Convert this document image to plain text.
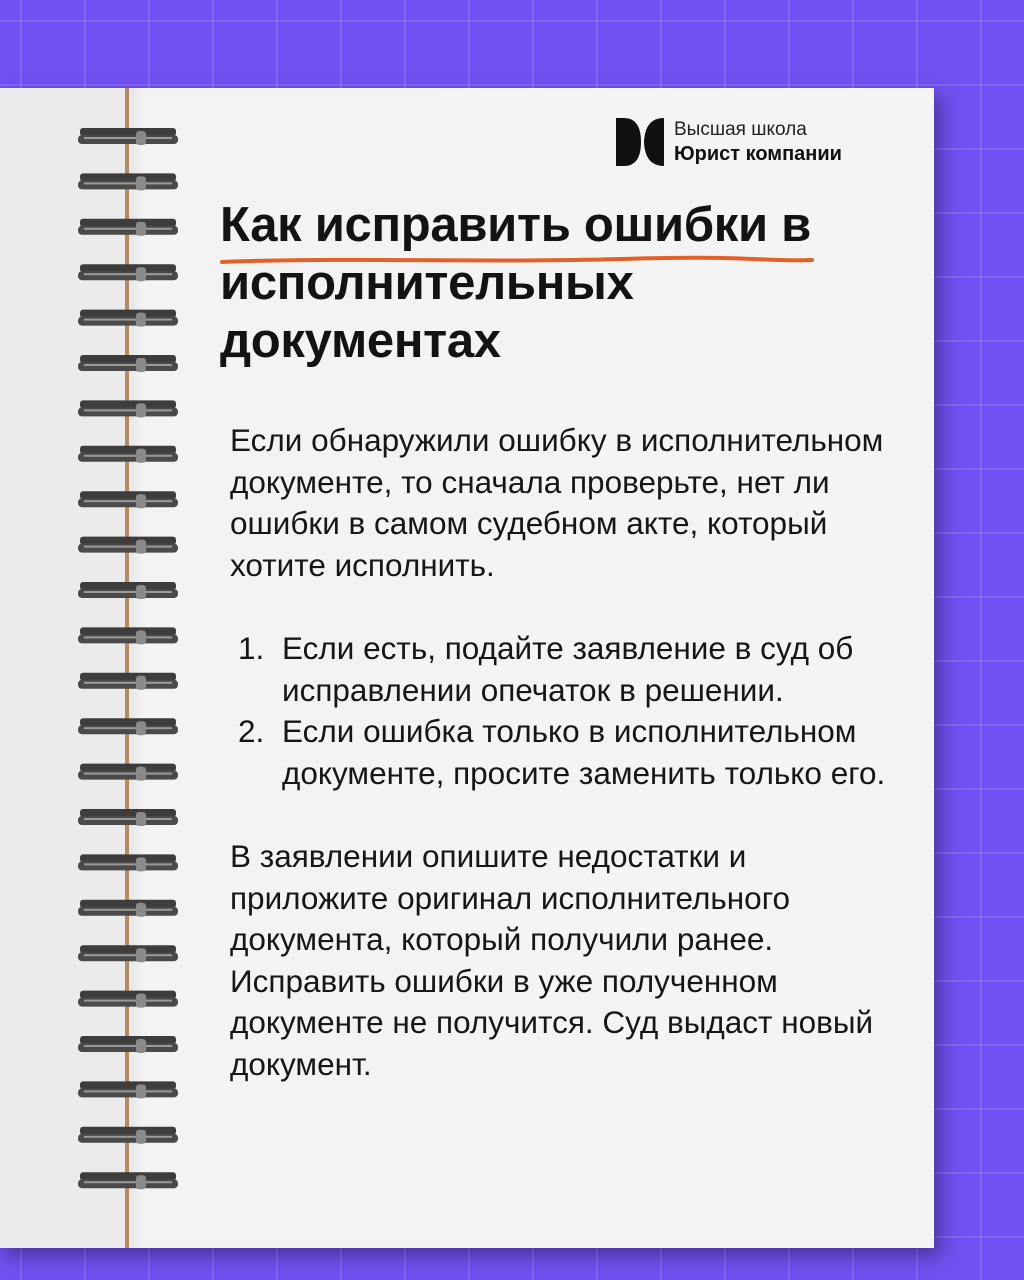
Высшая школа
Юрист компании
Как исправить ошибки в исполнительных документах

Если обнаружили ошибку в исполнительном документе, то сначала проверьте, нет ли ошибки в самом судебном акте, который хотите исполнить.

1. Если есть, подайте заявление в суд об исправлении опечаток в решении.
2. Если ошибка только в исполнительном документе, просите заменить только его.

В заявлении опишите недостатки и приложите оригинал исполнительного документа, который получили ранее. Исправить ошибки в уже полученном документе не получится. Суд выдаст новый документ.
